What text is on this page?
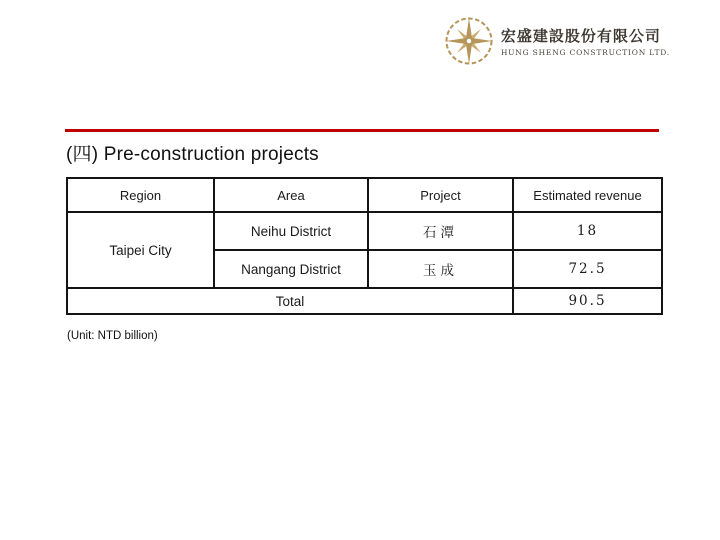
宏盛建設股份有限公司
HUNG SHENG CONSTRUCTION LTD.
(四) Pre-construction projects
Region	Area	Project	Estimated revenue
Taipei City	Neihu District	石潭	18
	Nangang District	玉成	72.5
Total			90.5
(Unit: NTD billion)
